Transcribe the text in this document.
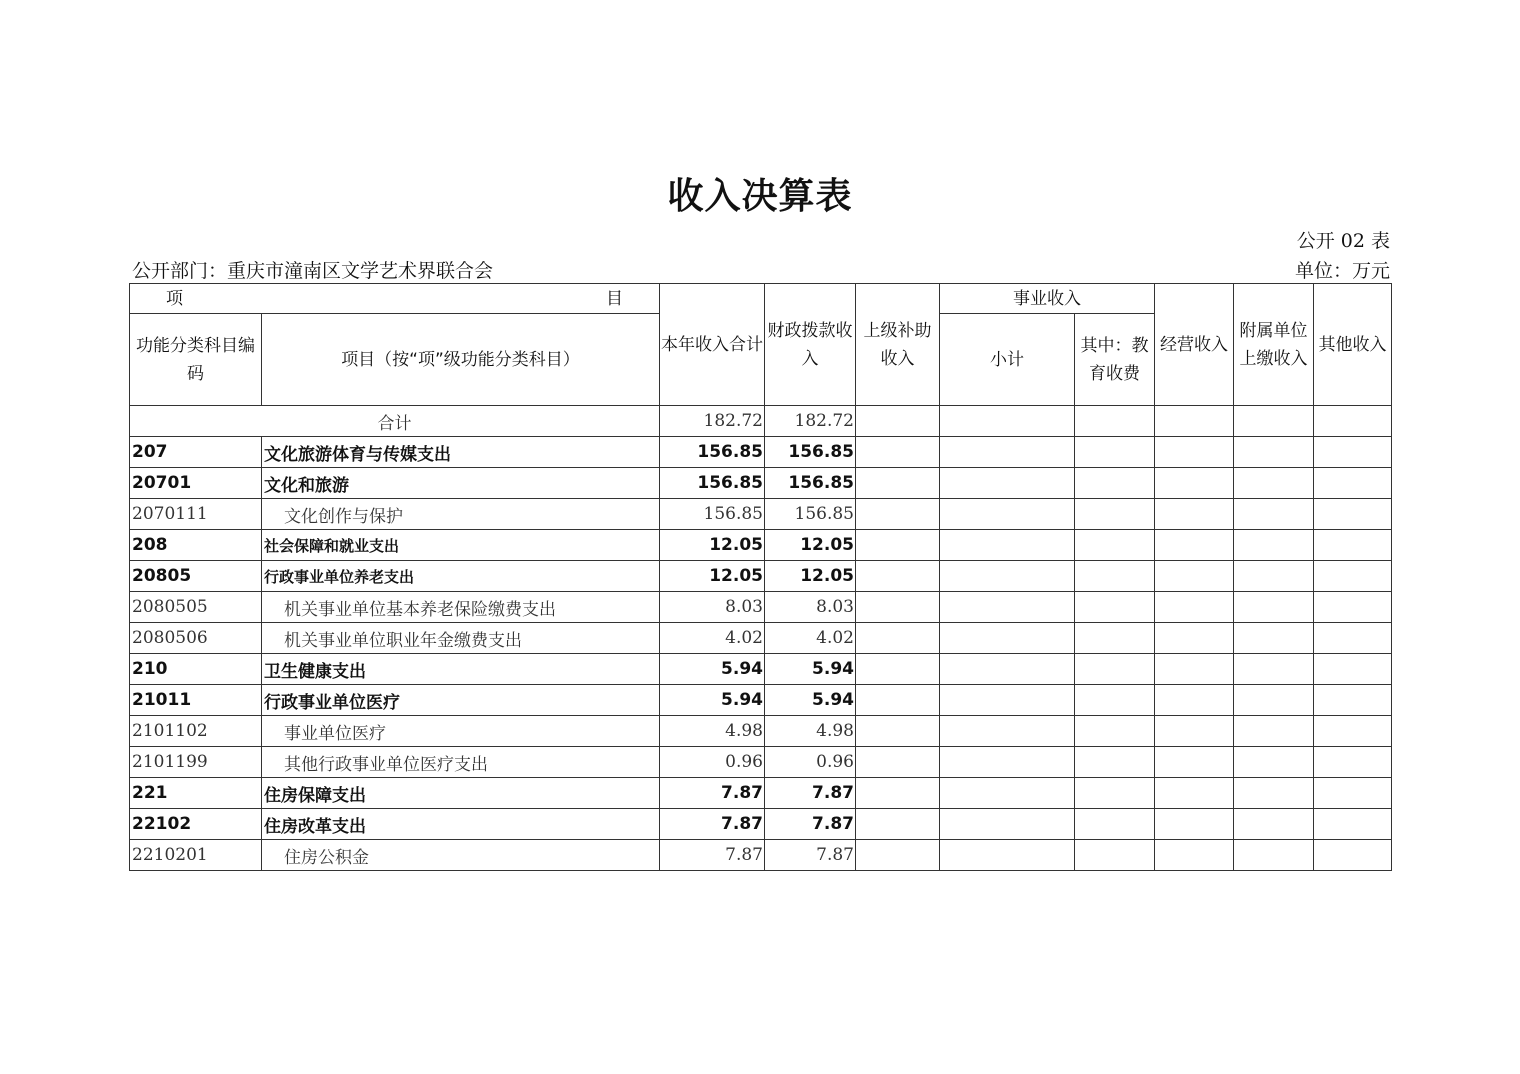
收入决算表
公开 02 表
公开部门：重庆市潼南区文学艺术界联合会	单位：万元
项 目		本年收入合计	财政拨款收入	上级补助收入	事业收入		经营收入	附属单位上缴收入	其他收入
功能分类科目编码	项目（按“项”级功能分类科目）				小计	其中：教育收费			
合计		182.72	182.72						
207	文化旅游体育与传媒支出	156.85	156.85						
20701	文化和旅游	156.85	156.85						
2070111	文化创作与保护	156.85	156.85						
208	社会保障和就业支出	12.05	12.05						
20805	行政事业单位养老支出	12.05	12.05						
2080505	机关事业单位基本养老保险缴费支出	8.03	8.03						
2080506	机关事业单位职业年金缴费支出	4.02	4.02						
210	卫生健康支出	5.94	5.94						
21011	行政事业单位医疗	5.94	5.94						
2101102	事业单位医疗	4.98	4.98						
2101199	其他行政事业单位医疗支出	0.96	0.96						
221	住房保障支出	7.87	7.87						
22102	住房改革支出	7.87	7.87						
2210201	住房公积金	7.87	7.87						
